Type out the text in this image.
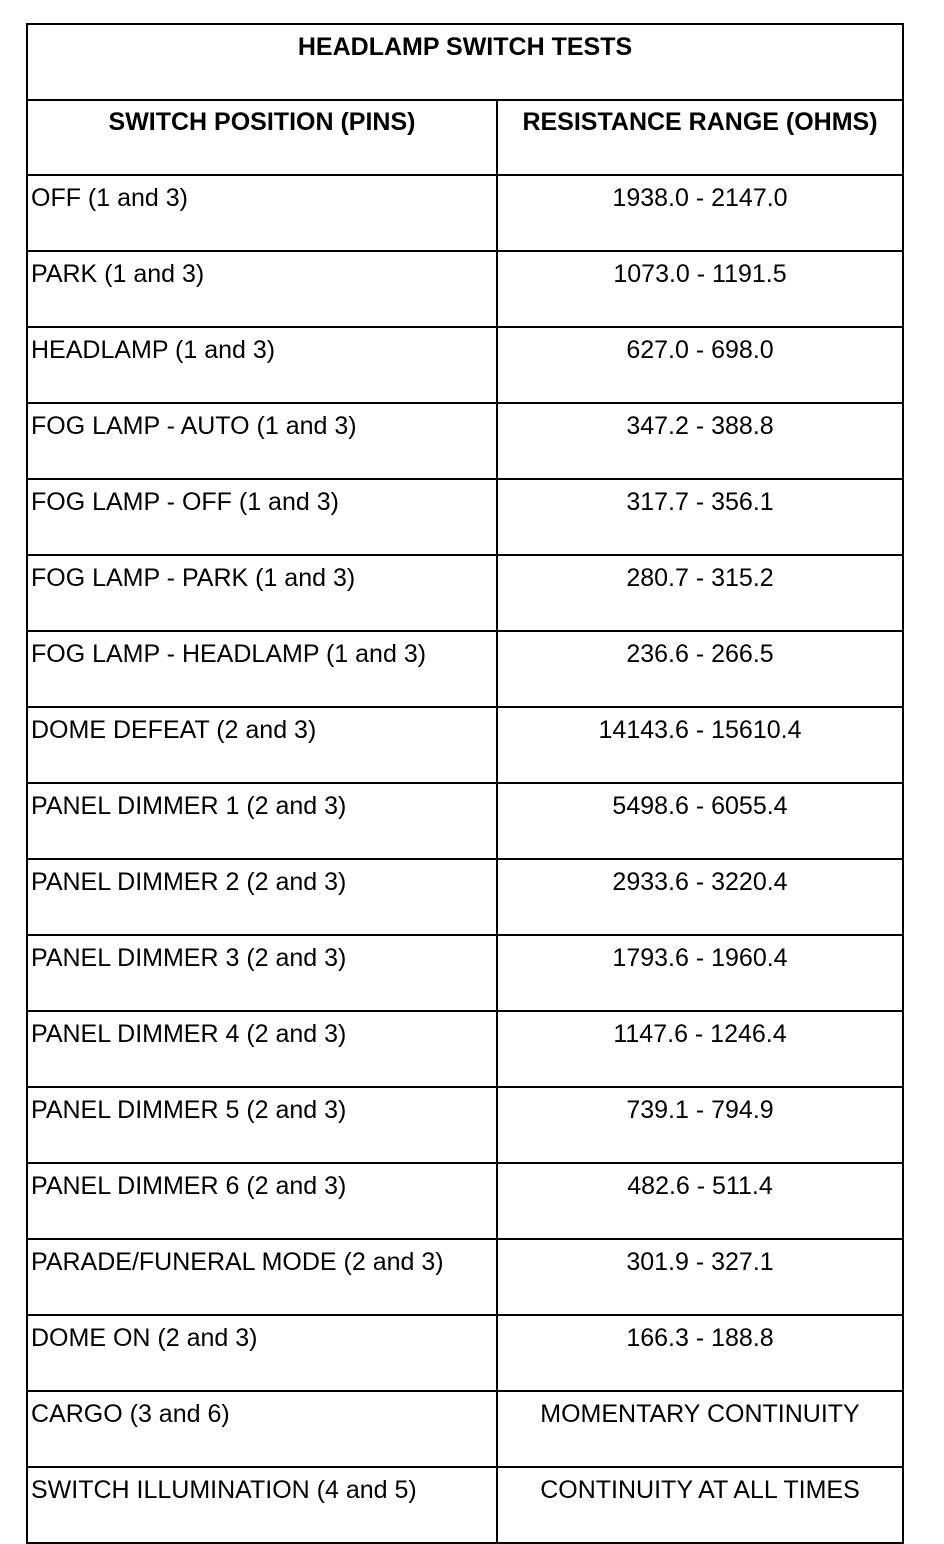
HEADLAMP SWITCH TESTS	
SWITCH POSITION (PINS)	RESISTANCE RANGE (OHMS)
OFF (1 and 3)	1938.0 - 2147.0
PARK (1 and 3)	1073.0 - 1191.5
HEADLAMP (1 and 3)	627.0 - 698.0
FOG LAMP - AUTO (1 and 3)	347.2 - 388.8
FOG LAMP - OFF (1 and 3)	317.7 - 356.1
FOG LAMP - PARK (1 and 3)	280.7 - 315.2
FOG LAMP - HEADLAMP (1 and 3)	236.6 - 266.5
DOME DEFEAT (2 and 3)	14143.6 - 15610.4
PANEL DIMMER 1 (2 and 3)	5498.6 - 6055.4
PANEL DIMMER 2 (2 and 3)	2933.6 - 3220.4
PANEL DIMMER 3 (2 and 3)	1793.6 - 1960.4
PANEL DIMMER 4 (2 and 3)	1147.6 - 1246.4
PANEL DIMMER 5 (2 and 3)	739.1 - 794.9
PANEL DIMMER 6 (2 and 3)	482.6 - 511.4
PARADE/FUNERAL MODE (2 and 3)	301.9 - 327.1
DOME ON (2 and 3)	166.3 - 188.8
CARGO (3 and 6)	MOMENTARY CONTINUITY
SWITCH ILLUMINATION (4 and 5)	CONTINUITY AT ALL TIMES
